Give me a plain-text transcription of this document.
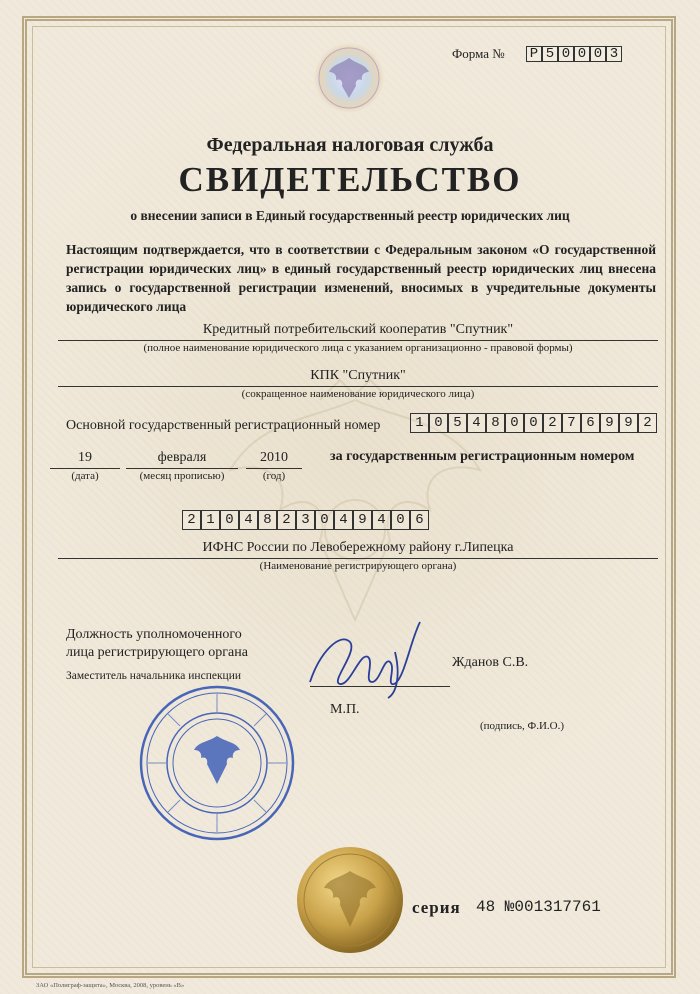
Форма № Р 5 0 0 0 3
Федеральная налоговая служба
СВИДЕТЕЛЬСТВО
о внесении записи в Единый государственный реестр юридических лиц
Настоящим подтверждается, что в соответствии с Федеральным законом «О государственной регистрации юридических лиц» в единый государственный реестр юридических лиц внесена запись о государственной регистрации изменений, вносимых в учредительные документы юридического лица
Кредитный потребительский кооператив "Спутник"
(полное наименование юридического лица с указанием организационно - правовой формы)
КПК "Спутник"
(сокращенное наименование юридического лица)
Основной государственный регистрационный номер	1 0 5 4 8 0 0 2 7 6 9 9 2
19
(дата)
февраля
(месяц прописью)
2010
(год)
за государственным регистрационным номером
2 1 0 4 8 2 3 0 4 9 4 0 6
ИФНС России по Левобережному району г.Липецка
(Наименование регистрирующего органа)
Должность уполномоченного
лица регистрирующего органа
Заместитель начальника инспекции
Жданов С.В.
М.П.
(подпись, Ф.И.О.)
серия 48 №001317761
ЗАО «Полиграф-защита», Москва, 2008, уровень «В»
